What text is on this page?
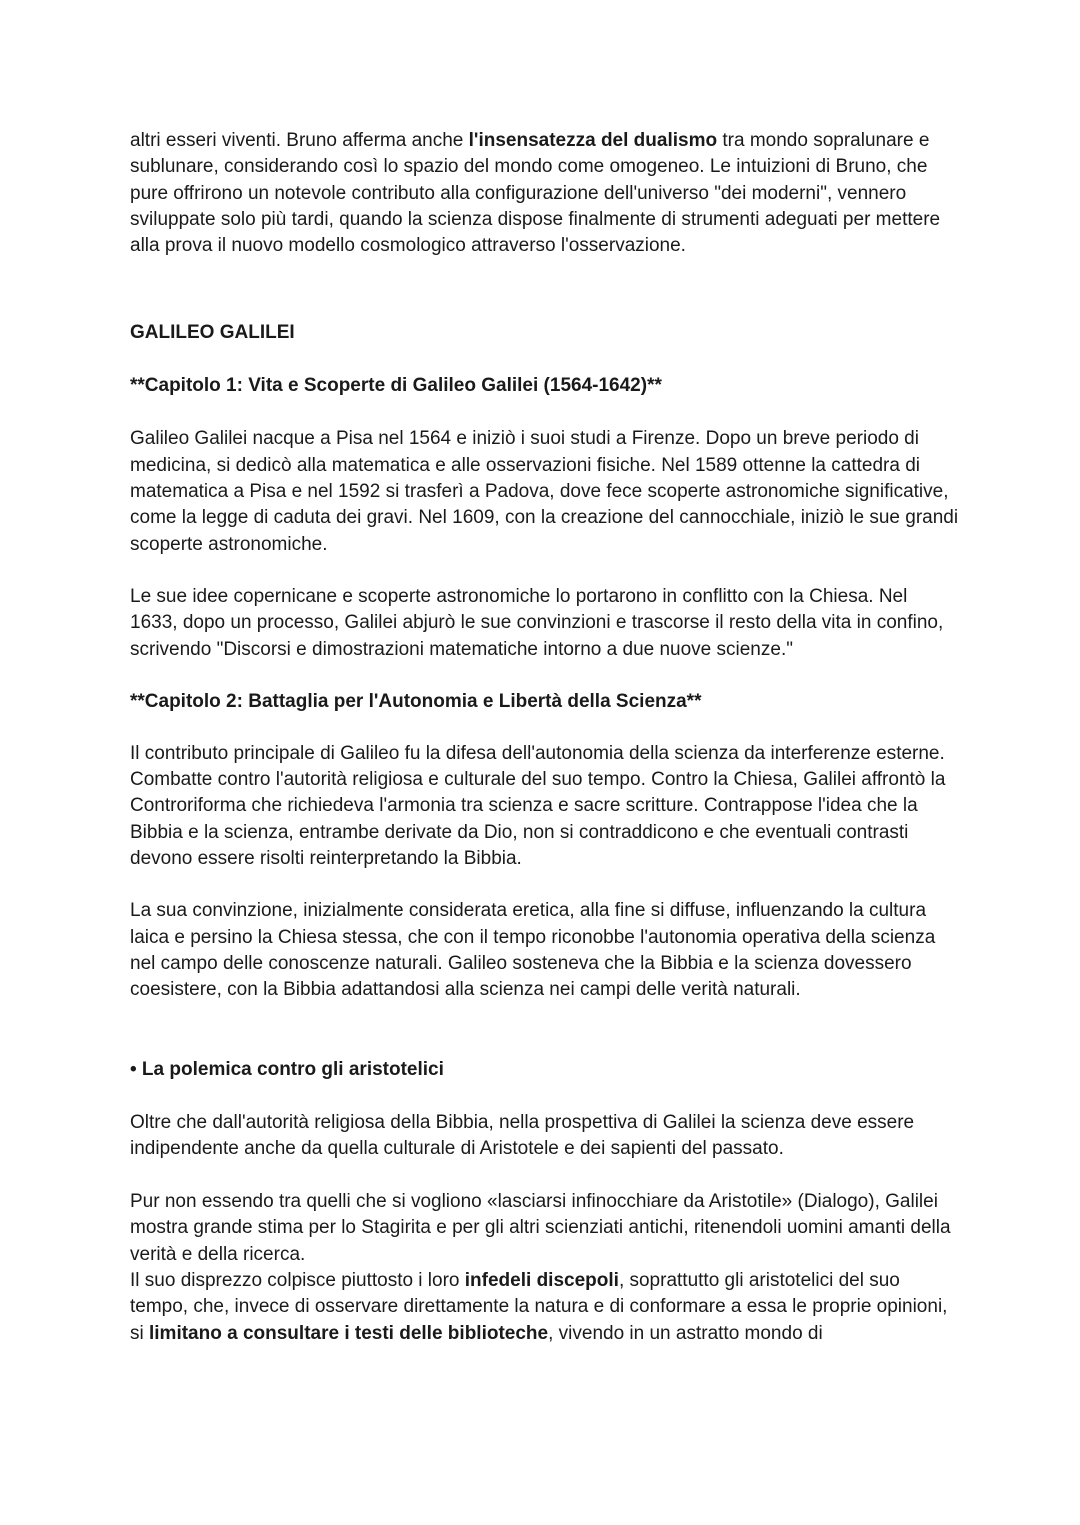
altri esseri viventi. Bruno afferma anche l'insensatezza del dualismo tra mondo sopralunare e sublunare, considerando così lo spazio del mondo come omogeneo. Le intuizioni di Bruno, che pure offrirono un notevole contributo alla configurazione dell'universo "dei moderni", vennero sviluppate solo più tardi, quando la scienza dispose finalmente di strumenti adeguati per mettere alla prova il nuovo modello cosmologico attraverso l'osservazione.

GALILEO GALILEI

**Capitolo 1: Vita e Scoperte di Galileo Galilei (1564-1642)**

Galileo Galilei nacque a Pisa nel 1564 e iniziò i suoi studi a Firenze. Dopo un breve periodo di medicina, si dedicò alla matematica e alle osservazioni fisiche. Nel 1589 ottenne la cattedra di matematica a Pisa e nel 1592 si trasferì a Padova, dove fece scoperte astronomiche significative, come la legge di caduta dei gravi. Nel 1609, con la creazione del cannocchiale, iniziò le sue grandi scoperte astronomiche.

Le sue idee copernicane e scoperte astronomiche lo portarono in conflitto con la Chiesa. Nel 1633, dopo un processo, Galilei abjurò le sue convinzioni e trascorse il resto della vita in confino, scrivendo "Discorsi e dimostrazioni matematiche intorno a due nuove scienze."

**Capitolo 2: Battaglia per l'Autonomia e Libertà della Scienza**

Il contributo principale di Galileo fu la difesa dell'autonomia della scienza da interferenze esterne. Combatte contro l'autorità religiosa e culturale del suo tempo. Contro la Chiesa, Galilei affrontò la Controriforma che richiedeva l'armonia tra scienza e sacre scritture. Contrappose l'idea che la Bibbia e la scienza, entrambe derivate da Dio, non si contraddicono e che eventuali contrasti devono essere risolti reinterpretando la Bibbia.

La sua convinzione, inizialmente considerata eretica, alla fine si diffuse, influenzando la cultura laica e persino la Chiesa stessa, che con il tempo riconobbe l'autonomia operativa della scienza nel campo delle conoscenze naturali. Galileo sosteneva che la Bibbia e la scienza dovessero coesistere, con la Bibbia adattandosi alla scienza nei campi delle verità naturali.

• La polemica contro gli aristotelici

Oltre che dall'autorità religiosa della Bibbia, nella prospettiva di Galilei la scienza deve essere indipendente anche da quella culturale di Aristotele e dei sapienti del passato.

Pur non essendo tra quelli che si vogliono «lasciarsi infinocchiare da Aristotile» (Dialogo), Galilei mostra grande stima per lo Stagirita e per gli altri scienziati antichi, ritenendoli uomini amanti della verità e della ricerca.

Il suo disprezzo colpisce piuttosto i loro infedeli discepoli, soprattutto gli aristotelici del suo tempo, che, invece di osservare direttamente la natura e di conformare a essa le proprie opinioni, si limitano a consultare i testi delle biblioteche, vivendo in un astratto mondo di
